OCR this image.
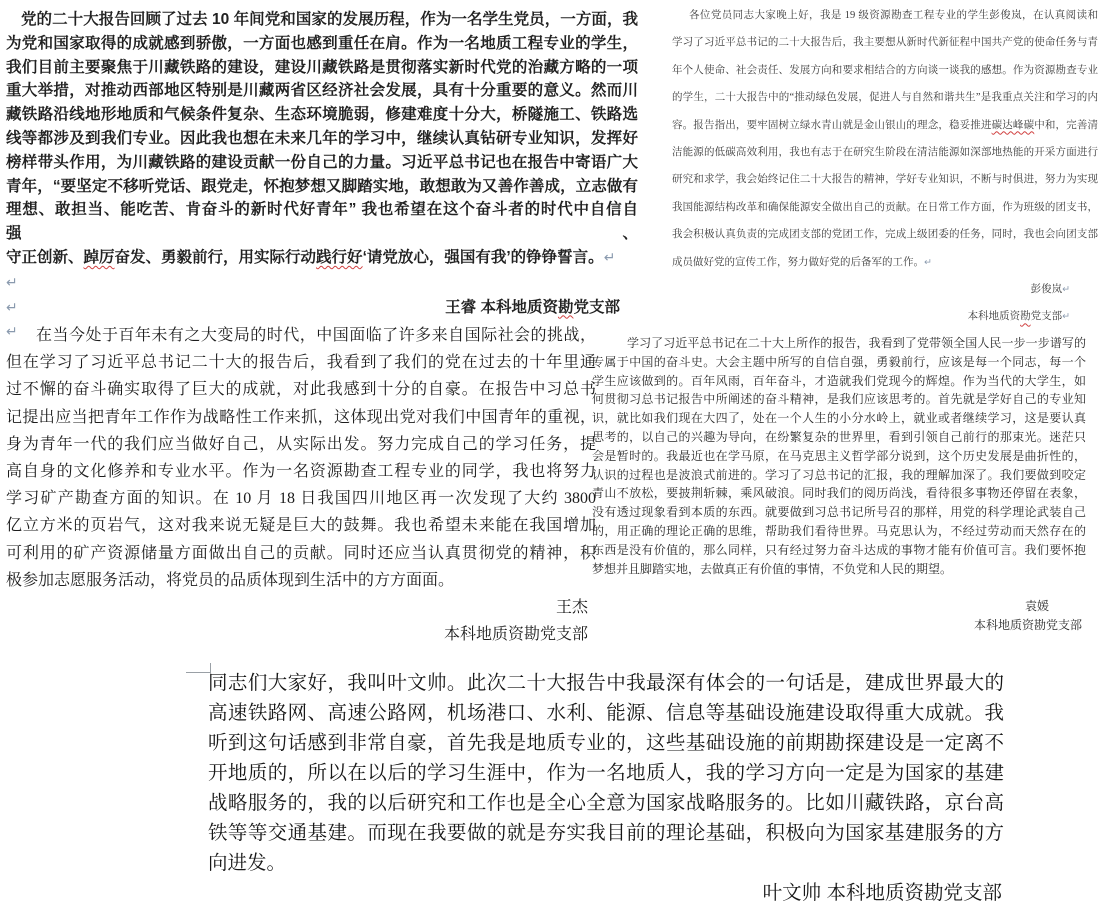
党的二十大报告回顾了过去 10 年间党和国家的发展历程，作为一名学生党员，一方面，我

为党和国家取得的成就感到骄傲，一方面也感到重任在肩。作为一名地质工程专业的学生，

我们目前主要聚焦于川藏铁路的建设，建设川藏铁路是贯彻落实新时代党的治藏方略的一项

重大举措，对推动西部地区特别是川藏两省区经济社会发展，具有十分重要的意义。然而川

藏铁路沿线地形地质和气候条件复杂、生态环境脆弱，修建难度十分大，桥隧施工、铁路选

线等都涉及到我们专业。因此我也想在未来几年的学习中，继续认真钻研专业知识，发挥好

榜样带头作用，为川藏铁路的建设贡献一份自己的力量。习近平总书记也在报告中寄语广大

青年，“要坚定不移听党话、跟党走，怀抱梦想又脚踏实地，敢想敢为又善作善成，立志做有

理想、敢担当、能吃苦、肯奋斗的新时代好青年” 我也希望在这个奋斗者的时代中自信自强、

守正创新、踔厉奋发、勇毅前行，用实际行动践行好‘请党放心，强国有我’的铮铮誓言。↵

↵

↵	王睿 本科地质资勘党支部

↵

各位党员同志大家晚上好，我是 19 级资源勘查工程专业的学生彭俊岚，在认真阅读和

学习了习近平总书记的二十大报告后，我主要想从新时代新征程中国共产党的使命任务与青

年个人使命、社会责任、发展方向和要求相结合的方向谈一谈我的感想。作为资源勘查专业

的学生，二十大报告中的“推动绿色发展，促进人与自然和谐共生”是我重点关注和学习的内

容。报告指出，要牢固树立绿水青山就是金山银山的理念，稳妥推进碳达峰碳中和，完善清

洁能源的低碳高效利用，我也有志于在研究生阶段在清洁能源如深部地热能的开采方面进行

研究和求学，我会始终记住二十大报告的精神，学好专业知识，不断与时俱进，努力为实现

我国能源结构改革和确保能源安全做出自己的贡献。在日常工作方面，作为班级的团支书，

我会积极认真负责的完成团支部的党团工作，完成上级团委的任务，同时，我也会向团支部

成员做好党的宣传工作，努力做好党的后备军的工作。↵

彭俊岚↵

本科地质资勘党支部↵

在当今处于百年未有之大变局的时代，中国面临了许多来自国际社会的挑战，

但在学习了习近平总书记二十大的报告后，我看到了我们的党在过去的十年里通

过不懈的奋斗确实取得了巨大的成就，对此我感到十分的自豪。在报告中习总书

记提出应当把青年工作作为战略性工作来抓，这体现出党对我们中国青年的重视，

身为青年一代的我们应当做好自己，从实际出发。努力完成自己的学习任务，提

高自身的文化修养和专业水平。作为一名资源勘查工程专业的同学，我也将努力

学习矿产勘查方面的知识。在 10 月 18 日我国四川地区再一次发现了大约 3800

亿立方米的页岩气，这对我来说无疑是巨大的鼓舞。我也希望未来能在我国增加

可利用的矿产资源储量方面做出自己的贡献。同时还应当认真贯彻党的精神，积

极参加志愿服务活动，将党员的品质体现到生活中的方方面面。

王杰

本科地质资勘党支部

学习了习近平总书记在二十大上所作的报告，我看到了党带领全国人民一步一步谱写的

专属于中国的奋斗史。大会主题中所写的自信自强，勇毅前行，应该是每一个同志，每一个

学生应该做到的。百年风雨，百年奋斗，才造就我们党现今的辉煌。作为当代的大学生，如

何贯彻习总书记报告中所阐述的奋斗精神，是我们应该思考的。首先就是学好自己的专业知

识，就比如我们现在大四了，处在一个人生的小分水岭上，就业或者继续学习，这是要认真

思考的，以自己的兴趣为导向，在纷繁复杂的世界里，看到引领自己前行的那束光。迷茫只

会是暂时的。我最近也在学马原，在马克思主义哲学部分说到，这个历史发展是曲折性的，

认识的过程也是波浪式前进的。学习了习总书记的汇报，我的理解加深了。我们要做到咬定

青山不放松，要披荆斩棘，乘风破浪。同时我们的阅历尚浅，看待很多事物还停留在表象，

没有透过现象看到本质的东西。就要做到习总书记所号召的那样，用党的科学理论武装自己

的，用正确的理论正确的思维，帮助我们看待世界。马克思认为，不经过劳动而天然存在的

东西是没有价值的，那么同样，只有经过努力奋斗达成的事物才能有价值可言。我们要怀抱

梦想并且脚踏实地，去做真正有价值的事情，不负党和人民的期望。

袁媛

本科地质资勘党支部

同志们大家好，我叫叶文帅。此次二十大报告中我最深有体会的一句话是，建成世界最大的

高速铁路网、高速公路网，机场港口、水利、能源、信息等基础设施建设取得重大成就。我

听到这句话感到非常自豪，首先我是地质专业的，这些基础设施的前期勘探建设是一定离不

开地质的，所以在以后的学习生涯中，作为一名地质人，我的学习方向一定是为国家的基建

战略服务的，我的以后研究和工作也是全心全意为国家战略服务的。比如川藏铁路，京台高

铁等等交通基建。而现在我要做的就是夯实我目前的理论基础，积极向为国家基建服务的方

向进发。

叶文帅 本科地质资勘党支部
